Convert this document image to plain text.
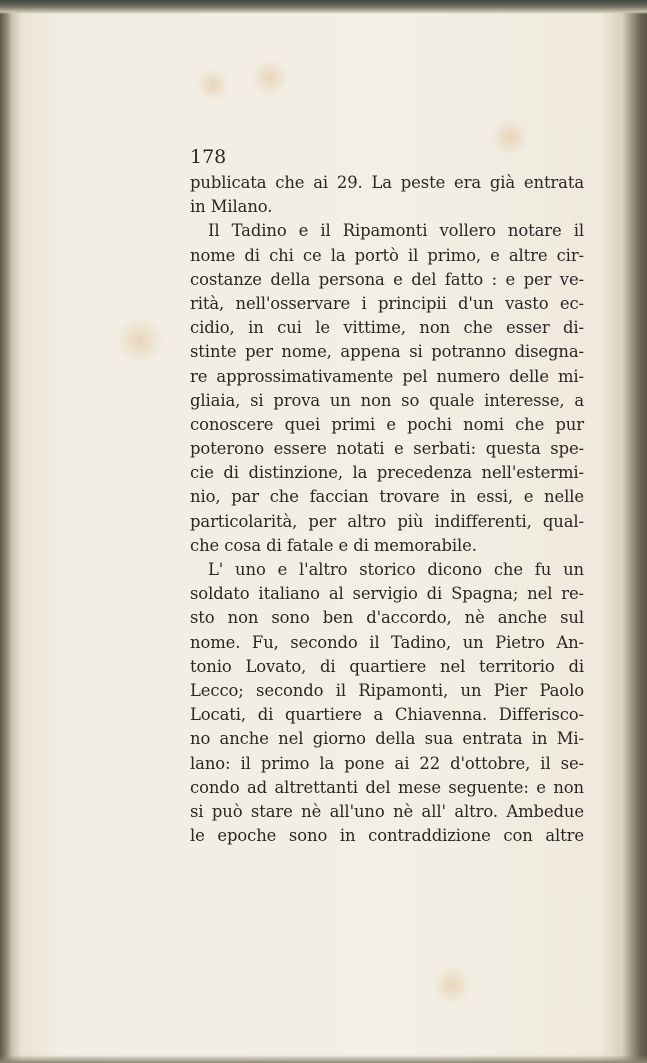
178
publicata che ai 29. La peste era già entrata
in Milano.
Il Tadino e il Ripamonti vollero notare il
nome di chi ce la portò il primo, e altre cir-
costanze della persona e del fatto : e per ve-
rità, nell'osservare i principii d'un vasto ec-
cidio, in cui le vittime, non che esser di-
stinte per nome, appena si potranno disegna-
re approssimativamente pel numero delle mi-
gliaia, si prova un non so quale interesse, a
conoscere quei primi e pochi nomi che pur
poterono essere notati e serbati: questa spe-
cie di distinzione, la precedenza nell'estermi-
nio, par che faccian trovare in essi, e nelle
particolarità, per altro più indifferenti, qual-
che cosa di fatale e di memorabile.
L' uno e l'altro storico dicono che fu un
soldato italiano al servigio di Spagna; nel re-
sto non sono ben d'accordo, nè anche sul
nome. Fu, secondo il Tadino, un Pietro An-
tonio Lovato, di quartiere nel territorio di
Lecco; secondo il Ripamonti, un Pier Paolo
Locati, di quartiere a Chiavenna. Differisco-
no anche nel giorno della sua entrata in Mi-
lano: il primo la pone ai 22 d'ottobre, il se-
condo ad altrettanti del mese seguente: e non
si può stare nè all'uno nè all' altro. Ambedue
le epoche sono in contraddizione con altre
